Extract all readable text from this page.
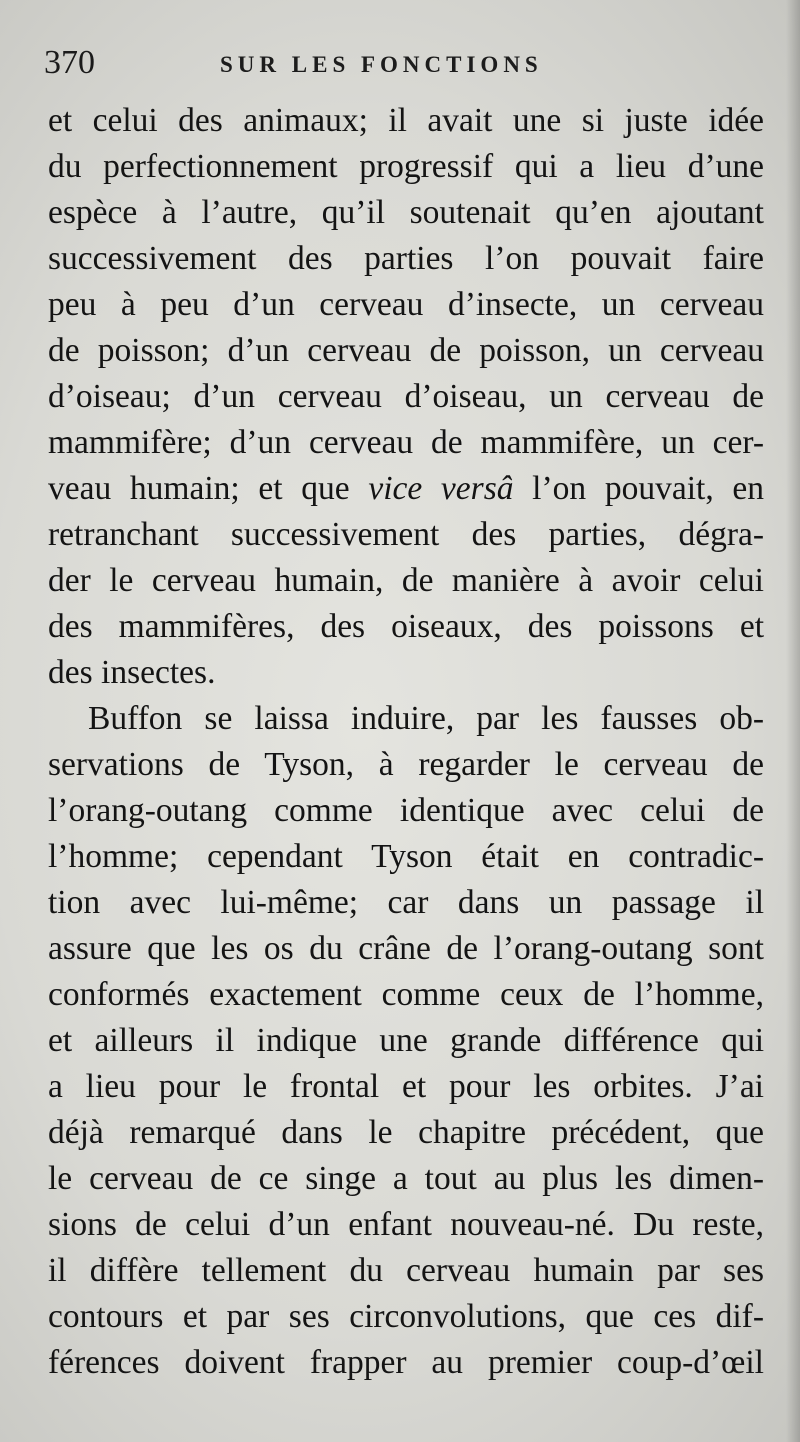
370	SUR LES FONCTIONS
et celui des animaux; il avait une si juste idée
du perfectionnement progressif qui a lieu d’une
espèce à l’autre, qu’il soutenait qu’en ajoutant
successivement des parties l’on pouvait faire
peu à peu d’un cerveau d’insecte, un cerveau
de poisson; d’un cerveau de poisson, un cerveau
d’oiseau; d’un cerveau d’oiseau, un cerveau de
mammifère; d’un cerveau de mammifère, un cer-
veau humain; et que vice versâ l’on pouvait, en
retranchant successivement des parties, dégra-
der le cerveau humain, de manière à avoir celui
des mammifères, des oiseaux, des poissons et
des insectes.
Buffon se laissa induire, par les fausses ob-
servations de Tyson, à regarder le cerveau de
l’orang-outang comme identique avec celui de
l’homme; cependant Tyson était en contradic-
tion avec lui-même; car dans un passage il
assure que les os du crâne de l’orang-outang sont
conformés exactement comme ceux de l’homme,
et ailleurs il indique une grande différence qui
a lieu pour le frontal et pour les orbites. J’ai
déjà remarqué dans le chapitre précédent, que
le cerveau de ce singe a tout au plus les dimen-
sions de celui d’un enfant nouveau-né. Du reste,
il diffère tellement du cerveau humain par ses
contours et par ses circonvolutions, que ces dif-
férences doivent frapper au premier coup-d’œil
